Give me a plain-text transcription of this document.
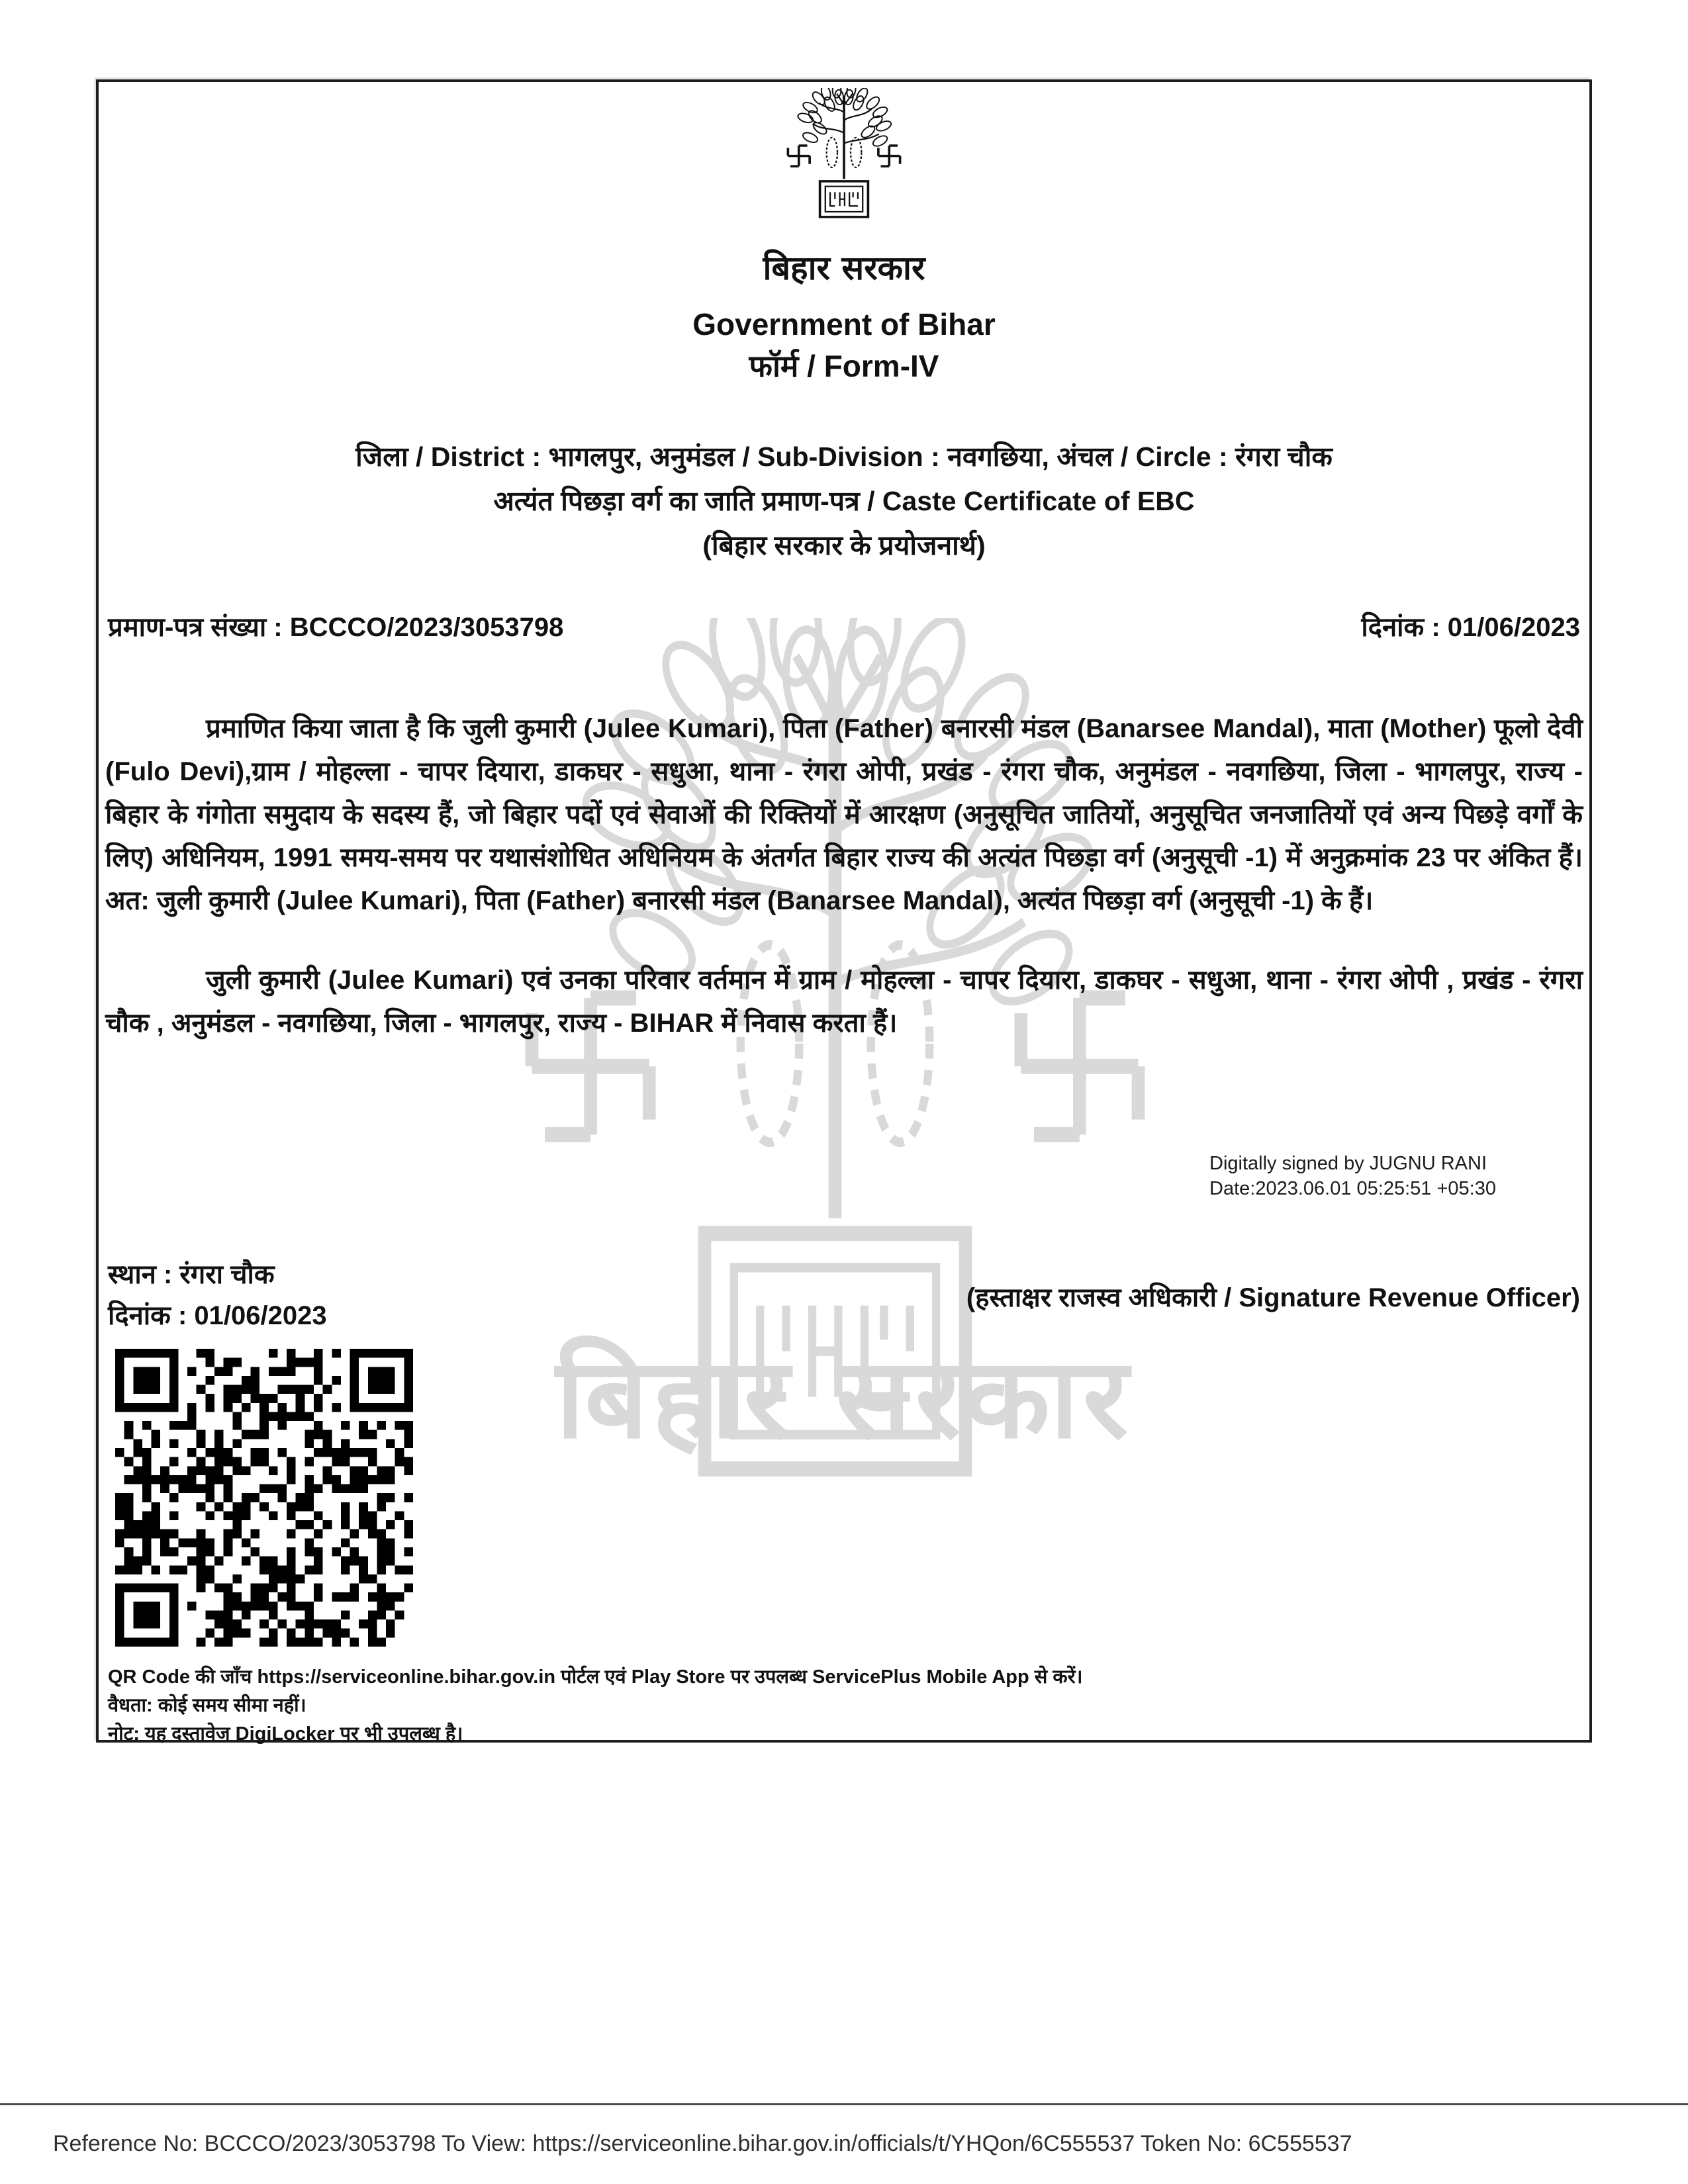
बिहार सरकार
बिहार सरकार
Government of Bihar
फॉर्म / Form-IV
जिला / District : भागलपुर, अनुमंडल / Sub-Division : नवगछिया, अंचल / Circle : रंगरा चौक
अत्यंत पिछड़ा वर्ग का जाति प्रमाण-पत्र / Caste Certificate of EBC
(बिहार सरकार के प्रयोजनार्थ)
प्रमाण-पत्र संख्या : BCCCO/2023/3053798	दिनांक : 01/06/2023

प्रमाणित किया जाता है कि जुली कुमारी (Julee Kumari), पिता (Father) बनारसी मंडल (Banarsee Mandal), माता (Mother) फूलो देवी (Fulo Devi),ग्राम / मोहल्ला - चापर दियारा, डाकघर - सधुआ, थाना - रंगरा ओपी, प्रखंड - रंगरा चौक, अनुमंडल - नवगछिया, जिला - भागलपुर, राज्य - बिहार के गंगोता समुदाय के सदस्य हैं, जो बिहार पदों एवं सेवाओं की रिक्तियों में आरक्षण (अनुसूचित जातियों, अनुसूचित जनजातियों एवं अन्य पिछड़े वर्गों के लिए) अधिनियम, 1991 समय-समय पर यथासंशोधित अधिनियम के अंतर्गत बिहार राज्य की अत्यंत पिछड़ा वर्ग (अनुसूची -1) में अनुक्रमांक 23 पर अंकित हैं। अत: जुली कुमारी (Julee Kumari), पिता (Father) बनारसी मंडल (Banarsee Mandal), अत्यंत पिछड़ा वर्ग (अनुसूची -1) के हैं।

जुली कुमारी (Julee Kumari) एवं उनका परिवार वर्तमान में ग्राम / मोहल्ला - चापर दियारा, डाकघर - सधुआ, थाना - रंगरा ओपी , प्रखंड - रंगरा चौक , अनुमंडल - नवगछिया, जिला - भागलपुर, राज्य - BIHAR में निवास करता हैं।

Digitally signed by JUGNU RANI
Date:2023.06.01 05:25:51 +05:30
स्थान : रंगरा चौक
दिनांक : 01/06/2023
(हस्ताक्षर राजस्व अधिकारी / Signature Revenue Officer)
QR Code की जाँच https://serviceonline.bihar.gov.in पोर्टल एवं Play Store पर उपलब्ध ServicePlus Mobile App से करें।
वैधता: कोई समय सीमा नहीं।
नोट: यह दस्तावेज DigiLocker पर भी उपलब्ध है।
Reference No: BCCCO/2023/3053798 To View: https://serviceonline.bihar.gov.in/officials/t/YHQon/6C555537 Token No: 6C555537
